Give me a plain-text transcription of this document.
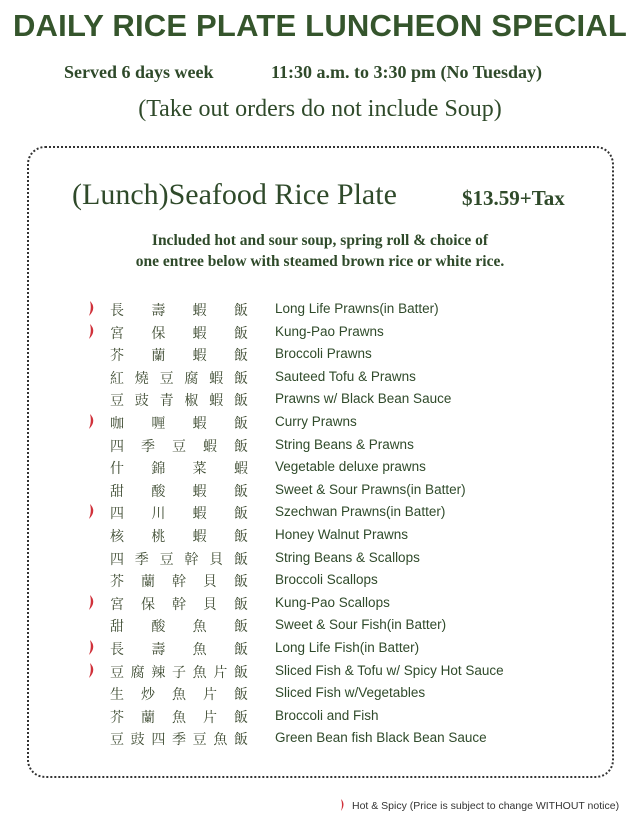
DAILY RICE PLATE LUNCHEON SPECIAL
Served 6 days week	11:30 a.m. to 3:30 pm (No Tuesday)
(Take out orders do not include Soup)
(Lunch)Seafood Rice Plate	$13.59+Tax
Included hot and sour soup, spring roll & choice of
one entree below with steamed brown rice or white rice.
長壽蝦飯 Long Life Prawns(in Batter)
宮保蝦飯 Kung-Pao Prawns
芥蘭蝦飯 Broccoli Prawns
紅燒豆腐蝦飯 Sauteed Tofu & Prawns
豆豉青椒蝦飯 Prawns w/ Black Bean Sauce
咖喱蝦飯 Curry Prawns
四季豆蝦飯 String Beans & Prawns
什錦菜蝦 Vegetable deluxe prawns
甜酸蝦飯 Sweet & Sour Prawns(in Batter)
四川蝦飯 Szechwan Prawns(in Batter)
核桃蝦飯 Honey Walnut Prawns
四季豆幹貝飯 String Beans & Scallops
芥蘭幹貝飯 Broccoli Scallops
宮保幹貝飯 Kung-Pao Scallops
甜酸魚飯 Sweet & Sour Fish(in Batter)
長壽魚飯 Long Life Fish(in Batter)
豆腐辣子魚片飯 Sliced Fish & Tofu w/ Spicy Hot Sauce
生炒魚片飯 Sliced Fish w/Vegetables
芥蘭魚片飯 Broccoli and Fish
豆豉四季豆魚飯 Green Bean fish Black Bean Sauce
Hot & Spicy (Price is subject to change WITHOUT notice)
